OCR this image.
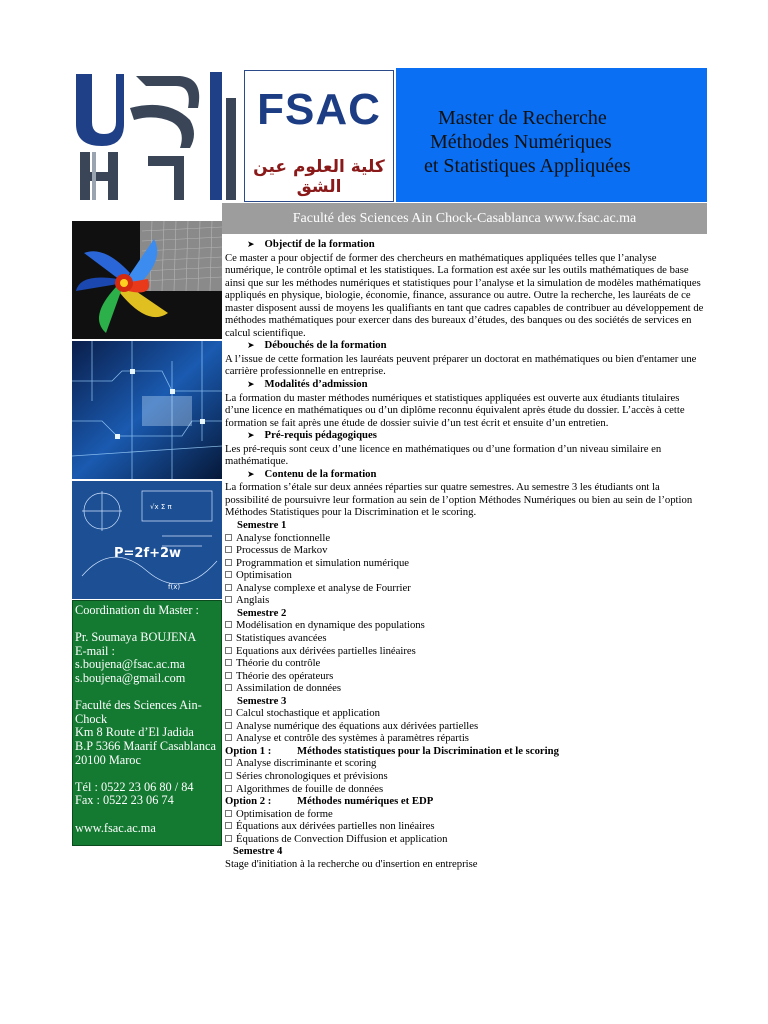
FSAC
كلية العلوم عين الشق
Master de Recherche
Méthodes Numériques
et Statistiques Appliquées
Faculté des Sciences Ain Chock-Casablanca www.fsac.ac.ma
P=2f+2w
√x Σ π
f(x)
Coordination du Master :
Pr. Soumaya BOUJENA
E-mail :
s.boujena@fsac.ac.ma
s.boujena@gmail.com
Faculté des Sciences Ain-
Chock
Km 8 Route d’El Jadida
B.P 5366 Maarif Casablanca
20100 Maroc
Tél : 0522 23 06 80 / 84
Fax : 0522 23 06 74
www.fsac.ac.ma
➤ Objectif de la formation

Ce master a pour objectif de former des chercheurs en mathématiques appliquées telles que l’analyse numérique, le contrôle optimal et les statistiques. La formation est axée sur les outils mathématiques de base ainsi que sur les méthodes numériques et statistiques pour l’analyse et la simulation de modèles mathématiques appliqués en physique, biologie, économie, finance, assurance ou autre. Outre la recherche, les lauréats de ce master disposent aussi de moyens les qualifiants en tant que cadres capables de contribuer au développement de méthodes mathématiques pour exercer dans des bureaux d’études, des banques ou des sociétés de services en calcul scientifique.

➤ Débouchés de la formation

A l’issue de cette formation les lauréats peuvent préparer un doctorat en mathématiques ou bien d'entamer une carrière professionnelle en entreprise.

➤ Modalités d’admission

La formation du master méthodes numériques et statistiques appliquées est ouverte aux étudiants titulaires d’une licence en mathématiques ou d’un diplôme reconnu équivalent après étude du dossier. L’accès à cette formation se fait après une étude de dossier suivie d’un test écrit et ensuite d’un entretien.

➤ Pré-requis pédagogiques

Les pré-requis sont ceux d’une licence en mathématiques ou d’une formation d’un niveau similaire en mathématique.

➤ Contenu de la formation

La formation s’étale sur deux années réparties sur quatre semestres. Au semestre 3 les étudiants ont la possibilité de poursuivre leur formation au sein de l’option Méthodes Numériques ou bien au sein de l’option Méthodes Statistiques pour la Discrimination et le scoring.

Semestre 1
Analyse fonctionnelle
Processus de Markov
Programmation et simulation numérique
Optimisation
Analyse complexe et analyse de Fourrier
Anglais
Semestre 2
Modélisation en dynamique des populations
Statistiques avancées
Equations aux dérivées partielles linéaires
Théorie du contrôle
Théorie des opérateurs
Assimilation de données
Semestre 3
Calcul stochastique et application
Analyse numérique des équations aux dérivées partielles
Analyse et contrôle des systèmes à paramètres répartis
Option 1 : Méthodes statistiques pour la Discrimination et le scoring
Analyse discriminante et scoring
Séries chronologiques et prévisions
Algorithmes de fouille de données
Option 2 : Méthodes numériques et EDP
Optimisation de forme
Équations aux dérivées partielles non linéaires
Équations de Convection Diffusion et application
Semestre 4
Stage d'initiation à la recherche ou d'insertion en entreprise
